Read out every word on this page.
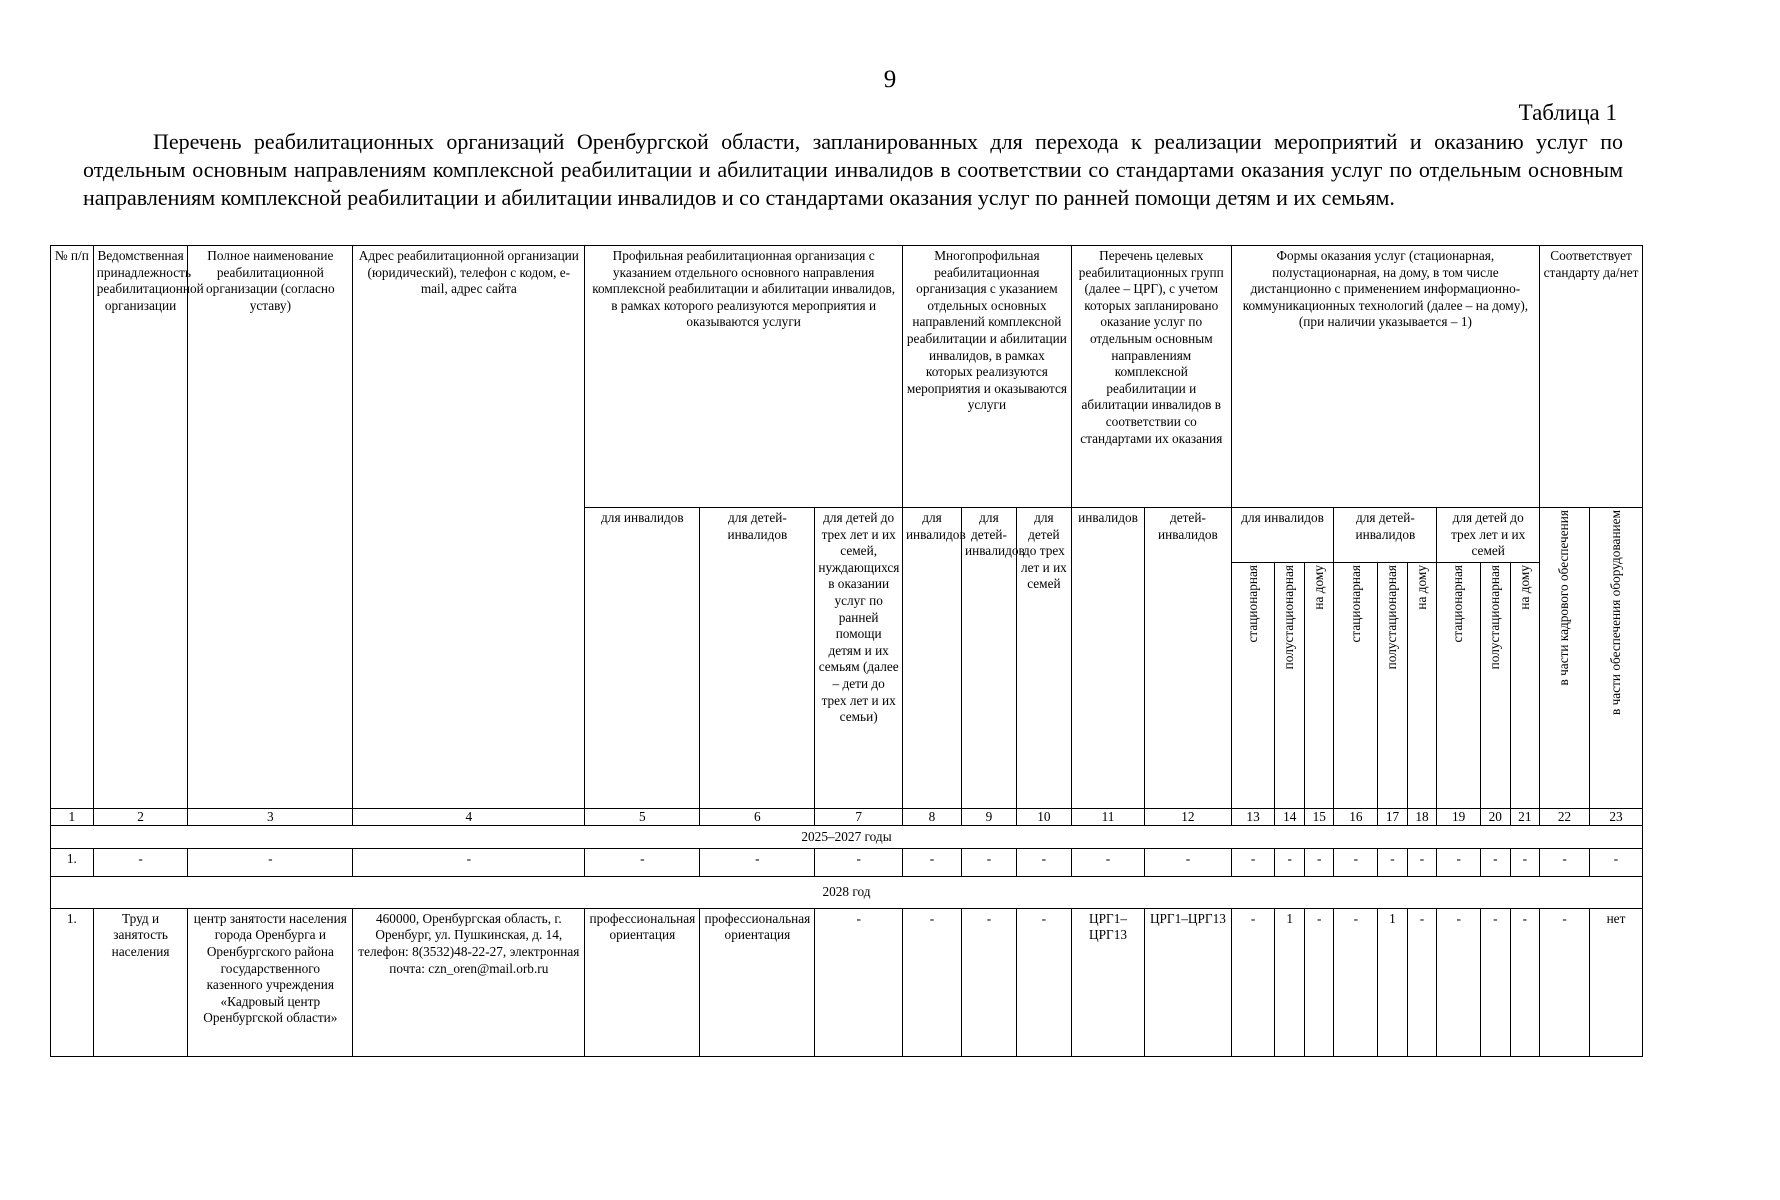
9
Таблица 1
Перечень реабилитационных организаций Оренбургской области, запланированных для перехода к реализации мероприятий и оказанию услуг по отдельным основным направлениям комплексной реабилитации и абилитации инвалидов в соответствии со стандартами оказания услуг по отдельным основным направлениям комплексной реабилитации и абилитации инвалидов и со стандартами оказания услуг по ранней помощи детям и их семьям.
№ п/п	Ведомственная принадлежность реабилитационной организации	Полное наименование реабилитационной организации (согласно уставу)	Адрес реабилитационной организации (юридический), телефон с кодом, e-mail, адрес сайта	Профильная реабилитационная организация с указанием отдельного основного направления комплексной реабилитации и абилитации инвалидов, в рамках которого реализуются мероприятия и оказываются услуги			Многопрофильная реабилитационная организация с указанием отдельных основных направлений комплексной реабилитации и абилитации инвалидов, в рамках которых реализуются мероприятия и оказываются услуги			Перечень целевых реабилитационных групп (далее – ЦРГ), с учетом которых запланировано оказание услуг по отдельным основным направлениям комплексной реабилитации и абилитации инвалидов в соответствии со стандартами их оказания		Формы оказания услуг (стационарная, полустационарная, на дому, в том числе дистанционно с применением информационно-коммуникационных технологий (далее – на дому), (при наличии указывается – 1)									Соответствует стандарту да/нет	
				для инвалидов	для детей-инвалидов	для детей до трех лет и их семей, нуждающихся в оказании услуг по ранней помощи детям и их семьям (далее – дети до трех лет и их семьи)	для инвалидов	для детей-инвалидов	для детей до трех лет и их семей	инвалидов	детей-инвалидов	для инвалидов			для детей-инвалидов			для детей до трех лет и их семей			в части кадрового обеспечения	в части обеспечения оборудованием
												стационарная	полустационарная	на дому	стационарная	полустационарная	на дому	стационарная	полустационарная	на дому		
1	2	3	4	5	6	7	8	9	10	11	12	13	14	15	16	17	18	19	20	21	22	23
2025–2027 годы																						
1.	-	-	-	-	-	-	-	-	-	-	-	-	-	-	-	-	-	-	-	-	-	-
2028 год																						
1.	Труд и занятость населения	центр занятости населения города Оренбурга и Оренбургского района государственного казенного учреждения «Кадровый центр Оренбургской области»	460000, Оренбургская область, г. Оренбург, ул. Пушкинская, д. 14, телефон: 8(3532)48-22-27, электронная почта: czn_oren@mail.orb.ru	профессиональная ориентация	профессиональная ориентация	-	-	-	-	ЦРГ1–ЦРГ13	ЦРГ1–ЦРГ13	-	1	-	-	1	-	-	-	-	-	нет
